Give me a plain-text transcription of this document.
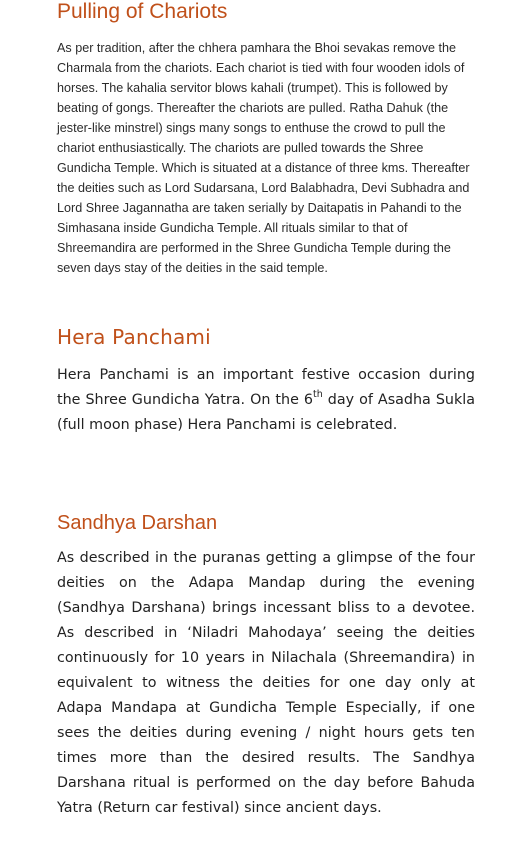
Pulling of Chariots

As per tradition, after the chhera pamhara the Bhoi sevakas remove the Charmala from the chariots. Each chariot is tied with four wooden idols of horses. The kahalia servitor blows kahali (trumpet). This is followed by beating of gongs. Thereafter the chariots are pulled. Ratha Dahuk (the jester-like minstrel) sings many songs to enthuse the crowd to pull the chariot enthusiastically. The chariots are pulled towards the Shree Gundicha Temple. Which is situated at a distance of three kms. Thereafter the deities such as Lord Sudarsana, Lord Balabhadra, Devi Subhadra and Lord Shree Jagannatha are taken serially by Daitapatis in Pahandi to the Simhasana inside Gundicha Temple. All rituals similar to that of Shreemandira are performed in the Shree Gundicha Temple during the seven days stay of the deities in the said temple.

Hera Panchami

Hera Panchami is an important festive occasion during the Shree Gundicha Yatra. On the 6th day of Asadha Sukla (full moon phase) Hera Panchami is celebrated.

Sandhya Darshan

As described in the puranas getting a glimpse of the four deities on the Adapa Mandap during the evening (Sandhya Darshana) brings incessant bliss to a devotee. As described in ‘Niladri Mahodaya’ seeing the deities continuously for 10 years in Nilachala (Shreemandira) in equivalent to witness the deities for one day only at Adapa Mandapa at Gundicha Temple Especially, if one sees the deities during evening / night hours gets ten times more than the desired results. The Sandhya Darshana ritual is performed on the day before Bahuda Yatra (Return car festival) since ancient days.
